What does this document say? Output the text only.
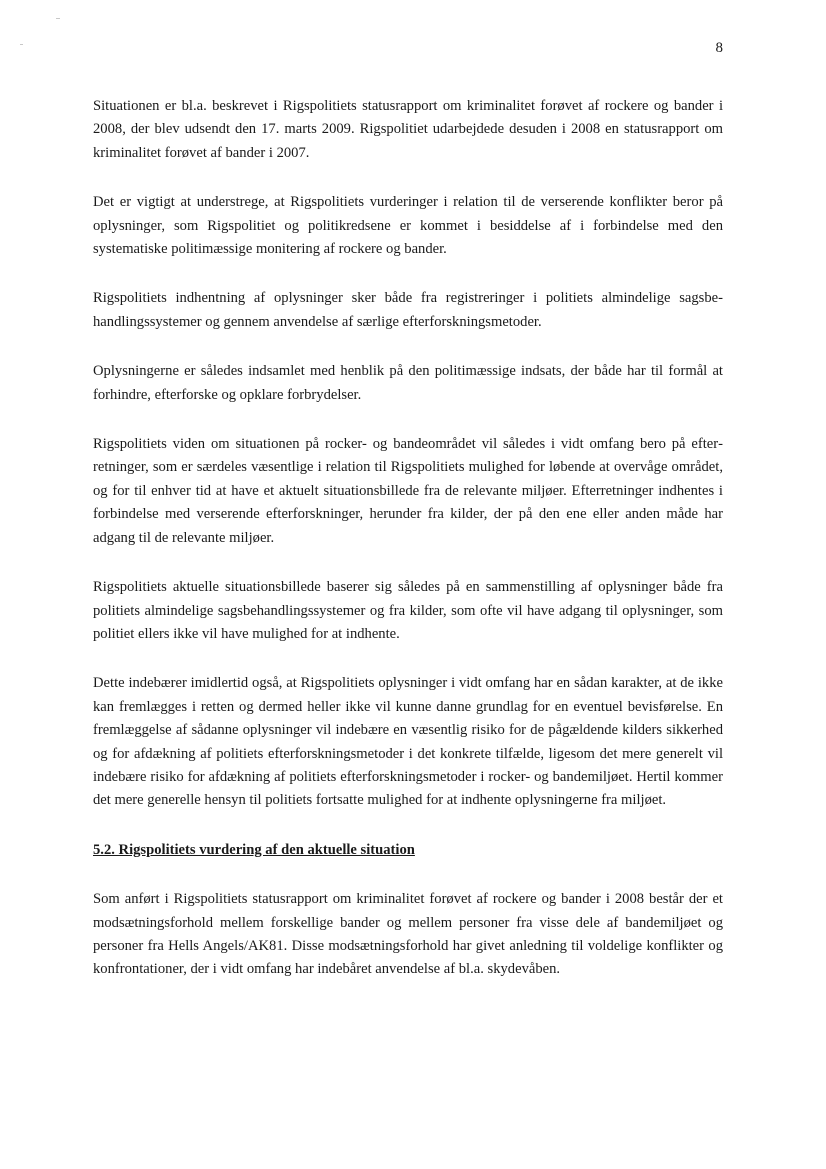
8

Situationen er bl.a. beskrevet i Rigspolitiets statusrapport om kriminalitet forøvet af rockere og bander i 2008, der blev udsendt den 17. marts 2009. Rigspolitiet udarbejdede desuden i 2008 en statusrapport om kriminalitet forøvet af bander i 2007.

Det er vigtigt at understrege, at Rigspolitiets vurderinger i relation til de verserende konflikter beror på oplysninger, som Rigspolitiet og politikredsene er kommet i besiddelse af i forbindelse med den systematiske politimæssige monitering af rockere og bander.

Rigspolitiets indhentning af oplysninger sker både fra registreringer i politiets almindelige sagsbehandlingssystemer og gennem anvendelse af særlige efterforskningsmetoder.

Oplysningerne er således indsamlet med henblik på den politimæssige indsats, der både har til formål at forhindre, efterforske og opklare forbrydelser.

Rigspolitiets viden om situationen på rocker- og bandeområdet vil således i vidt omfang bero på efterretninger, som er særdeles væsentlige i relation til Rigspolitiets mulighed for løbende at overvåge området, og for til enhver tid at have et aktuelt situationsbillede fra de relevante miljøer. Efterretninger indhentes i forbindelse med verserende efterforskninger, herunder fra kilder, der på den ene eller anden måde har adgang til de relevante miljøer.

Rigspolitiets aktuelle situationsbillede baserer sig således på en sammenstilling af oplysninger både fra politiets almindelige sagsbehandlingssystemer og fra kilder, som ofte vil have adgang til oplysninger, som politiet ellers ikke vil have mulighed for at indhente.

Dette indebærer imidlertid også, at Rigspolitiets oplysninger i vidt omfang har en sådan karakter, at de ikke kan fremlægges i retten og dermed heller ikke vil kunne danne grundlag for en eventuel bevisførelse. En fremlæggelse af sådanne oplysninger vil indebære en væsentlig risiko for de pågældende kilders sikkerhed og for afdækning af politiets efterforskningsmetoder i det konkrete tilfælde, ligesom det mere generelt vil indebære risiko for afdækning af politiets efterforskningsmetoder i rocker- og bandemiljøet. Hertil kommer det mere generelle hensyn til politiets fortsatte mulighed for at indhente oplysningerne fra miljøet.

5.2. Rigspolitiets vurdering af den aktuelle situation

Som anført i Rigspolitiets statusrapport om kriminalitet forøvet af rockere og bander i 2008 består der et modsætningsforhold mellem forskellige bander og mellem personer fra visse dele af bandemiljøet og personer fra Hells Angels/AK81. Disse modsætningsforhold har givet anledning til voldelige konflikter og konfrontationer, der i vidt omfang har indebåret anvendelse af bl.a. skydevåben.
